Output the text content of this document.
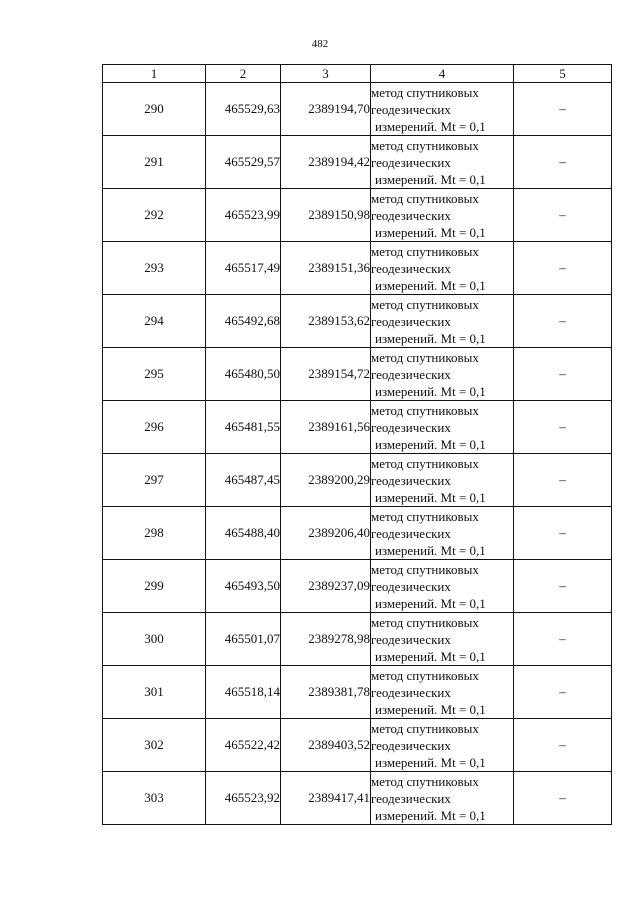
482
1	2	3	4	5
290	465529,63	2389194,70	метод спутниковых
геодезических
измерений. Mt = 0,1	–
291	465529,57	2389194,42	метод спутниковых
геодезических
измерений. Mt = 0,1	–
292	465523,99	2389150,98	метод спутниковых
геодезических
измерений. Mt = 0,1	–
293	465517,49	2389151,36	метод спутниковых
геодезических
измерений. Mt = 0,1	–
294	465492,68	2389153,62	метод спутниковых
геодезических
измерений. Mt = 0,1	–
295	465480,50	2389154,72	метод спутниковых
геодезических
измерений. Mt = 0,1	–
296	465481,55	2389161,56	метод спутниковых
геодезических
измерений. Mt = 0,1	–
297	465487,45	2389200,29	метод спутниковых
геодезических
измерений. Mt = 0,1	–
298	465488,40	2389206,40	метод спутниковых
геодезических
измерений. Mt = 0,1	–
299	465493,50	2389237,09	метод спутниковых
геодезических
измерений. Mt = 0,1	–
300	465501,07	2389278,98	метод спутниковых
геодезических
измерений. Mt = 0,1	–
301	465518,14	2389381,78	метод спутниковых
геодезических
измерений. Mt = 0,1	–
302	465522,42	2389403,52	метод спутниковых
геодезических
измерений. Mt = 0,1	–
303	465523,92	2389417,41	метод спутниковых
геодезических
измерений. Mt = 0,1	–
